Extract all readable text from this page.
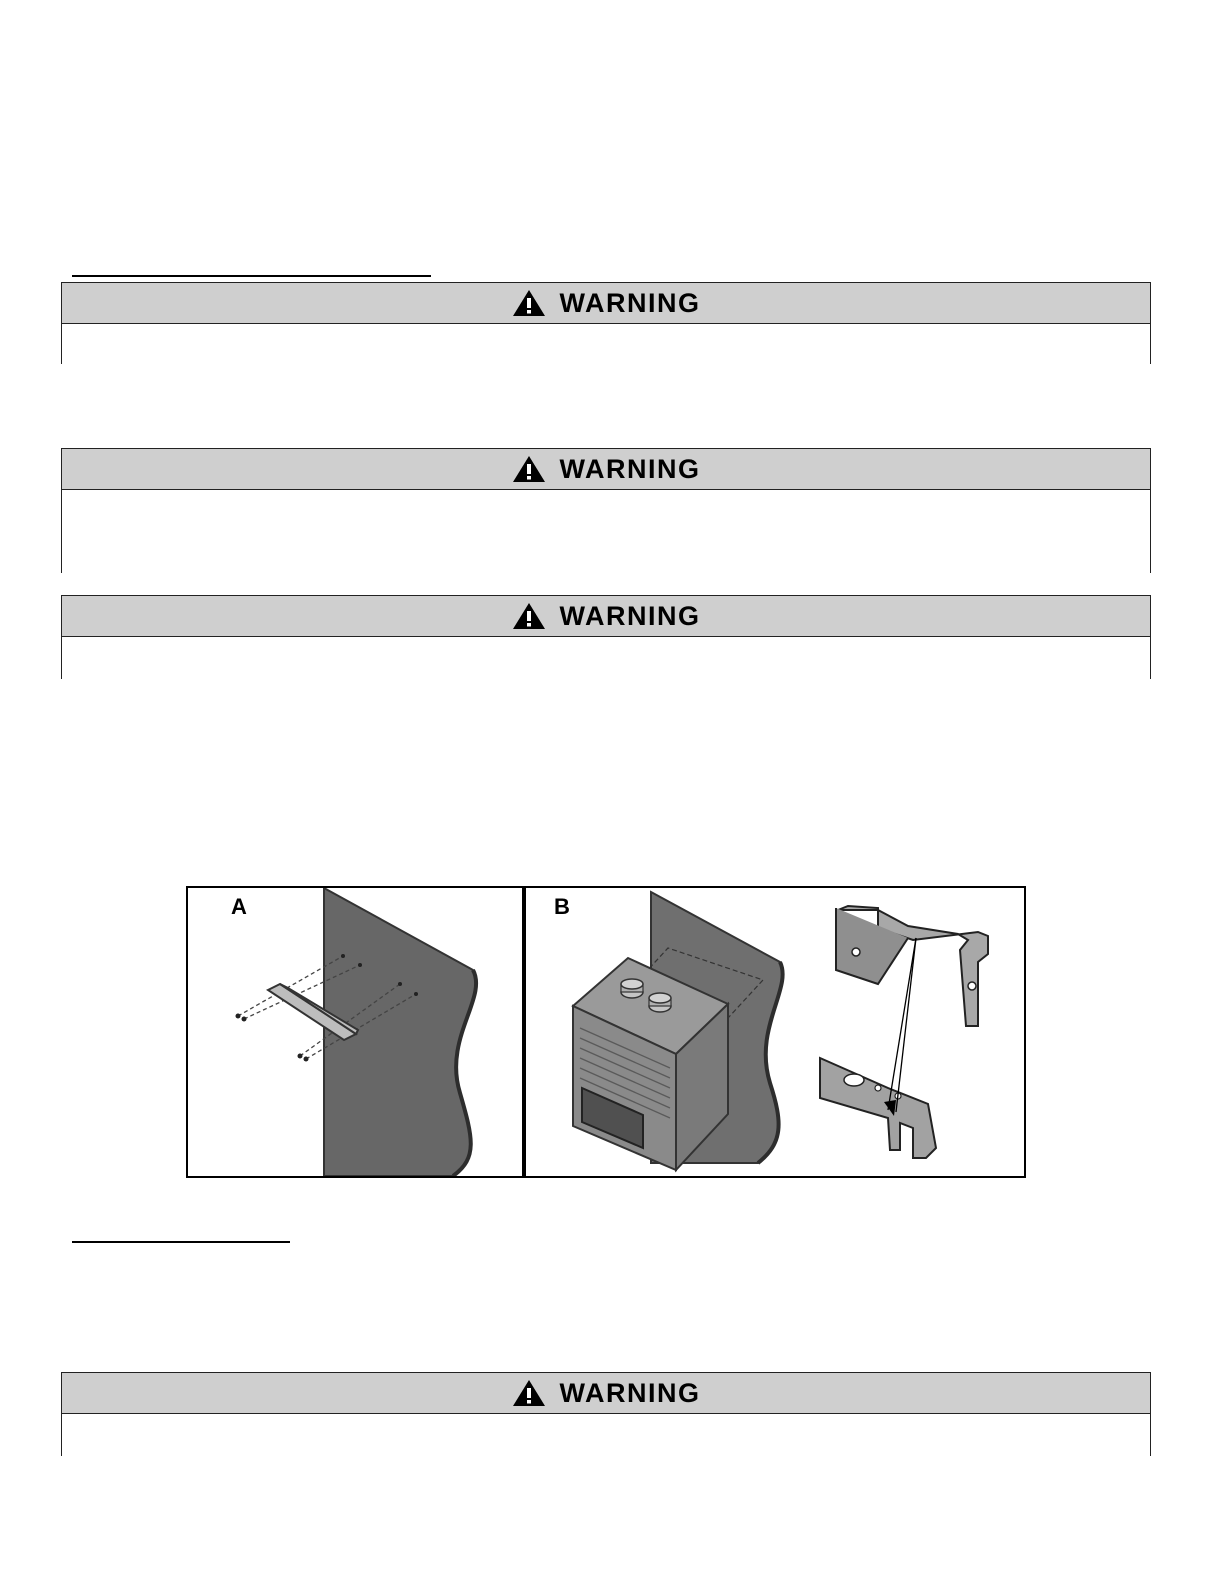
WARNING
WARNING
WARNING
A	B
WARNING
